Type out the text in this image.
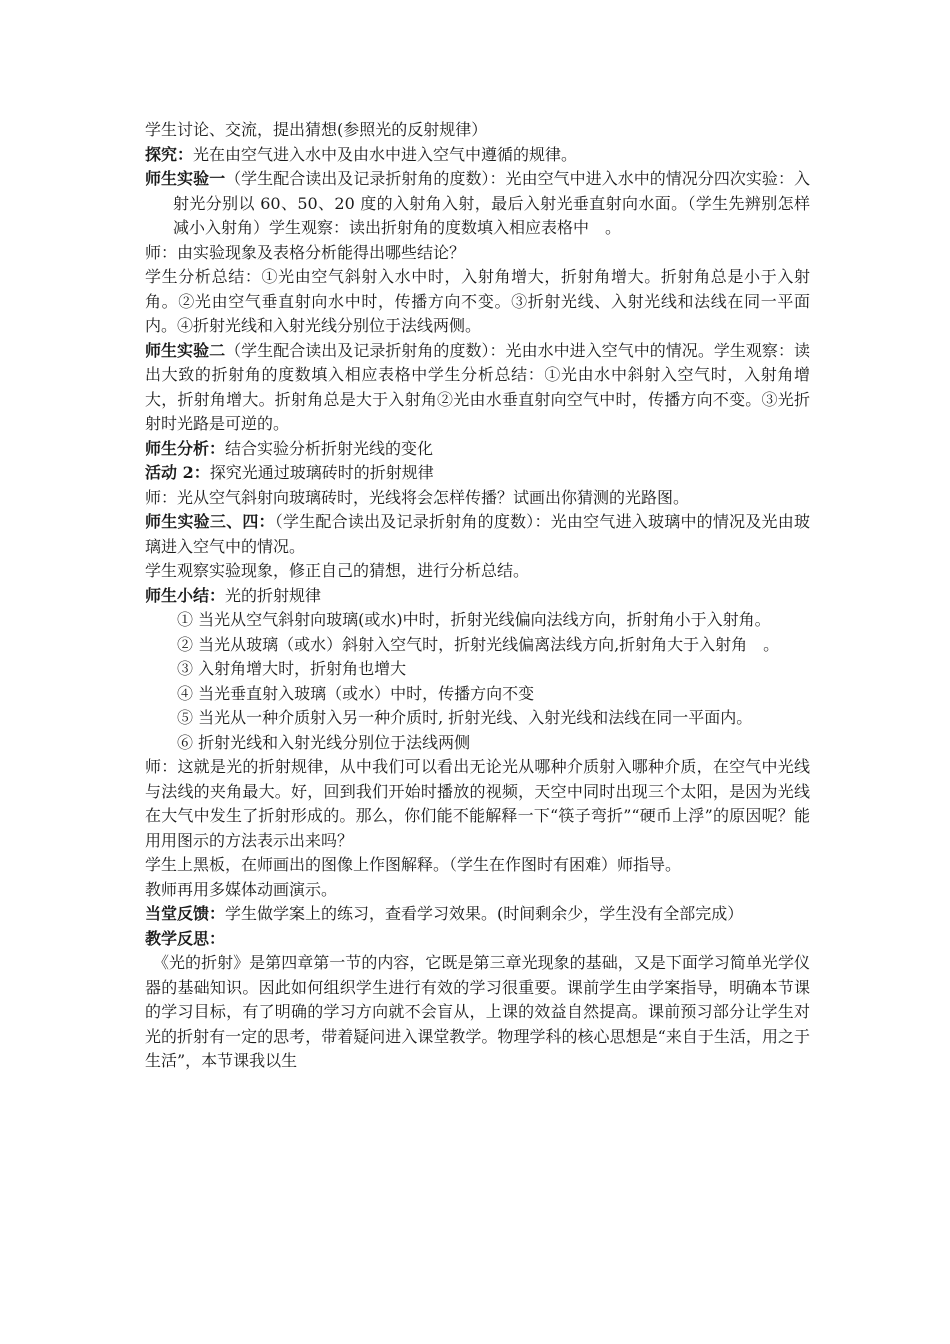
学生讨论、交流，提出猜想(参照光的反射规律）

探究：光在由空气进入水中及由水中进入空气中遵循的规律。

师生实验一（学生配合读出及记录折射角的度数）：光由空气中进入水中的情况分四次实验：入射光分别以 60、50、20 度的入射角入射，最后入射光垂直射向水面。（学生先辨别怎样减小入射角）学生观察：读出折射角的度数填入相应表格中　。

师：由实验现象及表格分析能得出哪些结论？

学生分析总结：①光由空气斜射入水中时，入射角增大，折射角增大。折射角总是小于入射角。②光由空气垂直射向水中时，传播方向不变。③折射光线、入射光线和法线在同一平面内。④折射光线和入射光线分别位于法线两侧。

师生实验二（学生配合读出及记录折射角的度数）：光由水中进入空气中的情况。学生观察：读出大致的折射角的度数填入相应表格中学生分析总结：①光由水中斜射入空气时，入射角增大，折射角增大。折射角总是大于入射角②光由水垂直射向空气中时，传播方向不变。③光折射时光路是可逆的。

师生分析：结合实验分析折射光线的变化

活动 2：探究光通过玻璃砖时的折射规律

师：光从空气斜射向玻璃砖时，光线将会怎样传播？试画出你猜测的光路图。

师生实验三、四：（学生配合读出及记录折射角的度数）：光由空气进入玻璃中的情况及光由玻璃进入空气中的情况。

学生观察实验现象，修正自己的猜想，进行分析总结。

师生小结：光的折射规律

① 当光从空气斜射向玻璃(或水)中时，折射光线偏向法线方向，折射角小于入射角。

② 当光从玻璃（或水）斜射入空气时，折射光线偏离法线方向,折射角大于入射角　。

③ 入射角增大时，折射角也增大

④ 当光垂直射入玻璃（或水）中时，传播方向不变

⑤ 当光从一种介质射入另一种介质时, 折射光线、入射光线和法线在同一平面内。

⑥ 折射光线和入射光线分别位于法线两侧

师：这就是光的折射规律，从中我们可以看出无论光从哪种介质射入哪种介质，在空气中光线与法线的夹角最大。好，回到我们开始时播放的视频，天空中同时出现三个太阳，是因为光线在大气中发生了折射形成的。那么，你们能不能解释一下“筷子弯折”“硬币上浮”的原因呢？能用用图示的方法表示出来吗？

学生上黑板，在师画出的图像上作图解释。（学生在作图时有困难）师指导。

教师再用多媒体动画演示。

当堂反馈：学生做学案上的练习，查看学习效果。(时间剩余少，学生没有全部完成）

教学反思：

《光的折射》是第四章第一节的内容，它既是第三章光现象的基础，又是下面学习简单光学仪器的基础知识。因此如何组织学生进行有效的学习很重要。课前学生由学案指导，明确本节课的学习目标，有了明确的学习方向就不会盲从，上课的效益自然提高。课前预习部分让学生对光的折射有一定的思考，带着疑问进入课堂教学。物理学科的核心思想是“来自于生活，用之于生活”，本节课我以生
